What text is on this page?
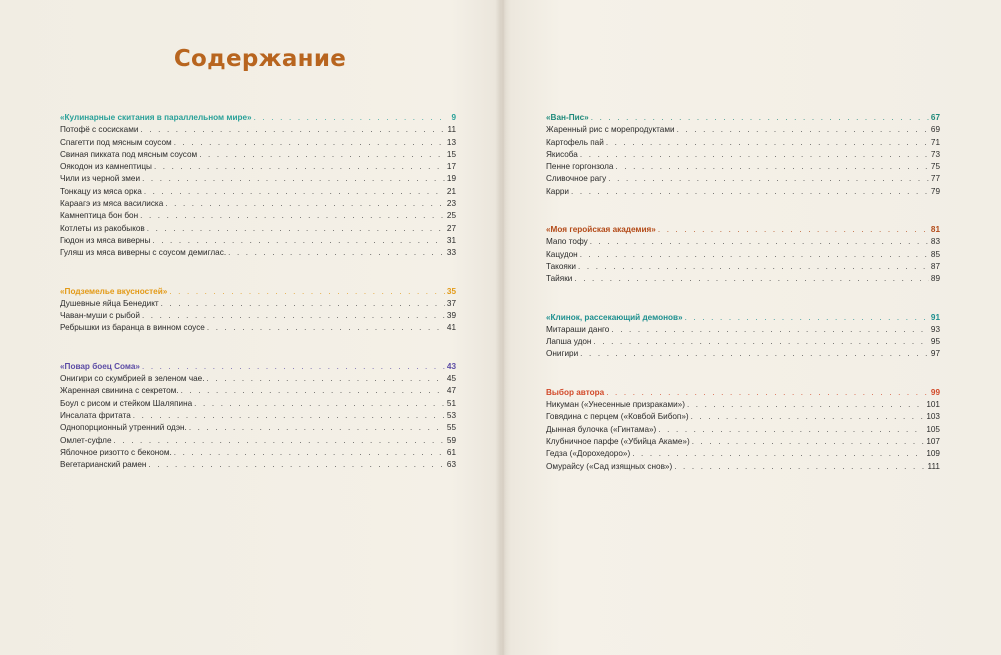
Содержание
«Кулинарные скитания в параллельном мире» . . .	9
Потофё с сосисками . . .	11
Спагетти под мясным соусом . . .	13
Свиная пикката под мясным соусом . . .	15
Оякодон из камнептицы . . .	17
Чили из черной змеи . . .	19
Тонкацу из мяса орка . . .	21
Караагэ из мяса василиска . . .	23
Камнептица бон бон . . .	25
Котлеты из ракобыков . . .	27
Гюдон из мяса виверны . . .	31
Гуляш из мяса виверны с соусом демиглас. . . .	33
«Подземелье вкусностей» . . .	35
Душевные яйца Бенедикт . . .	37
Чаван-муши с рыбой . . .	39
Ребрышки из баранца в винном соусе . . .	41
«Повар боец Сома» . . .	43
Онигири со скумбрией в зеленом чае. . . .	45
Жаренная свинина с секретом. . . .	47
Боул с рисом и стейком Шаляпина . . .	51
Инсалата фритата . . .	53
Однопорционный утренний одэн. . . .	55
Омлет-суфле . . .	59
Яблочное ризотто с беконом. . . .	61
Вегетарианский рамен . . .	63
«Ван-Пис» . . .	67
Жаренный рис с морепродуктами . . .	69
Картофель пай . . .	71
Якисоба . . .	73
Пенне горгонзола . . .	75
Сливочное рагу . . .	77
Карри . . .	79
«Моя геройская академия» . . .	81
Мапо тофу . . .	83
Кацудон . . .	85
Такояки . . .	87
Тайяки . . .	89
«Клинок, рассекающий демонов» . . .	91
Митараши данго . . .	93
Лапша удон . . .	95
Онигири . . .	97
Выбор автора . . .	99
Никуман («Унесенные призраками») . . .	101
Говядина с перцем («Ковбой Бибоп») . . .	103
Дынная булочка («Гинтама») . . .	105
Клубничное парфе («Убийца Акаме») . . .	107
Гедза («Дорохедоро») . . .	109
Омурайсу («Сад изящных снов») . . .	111
